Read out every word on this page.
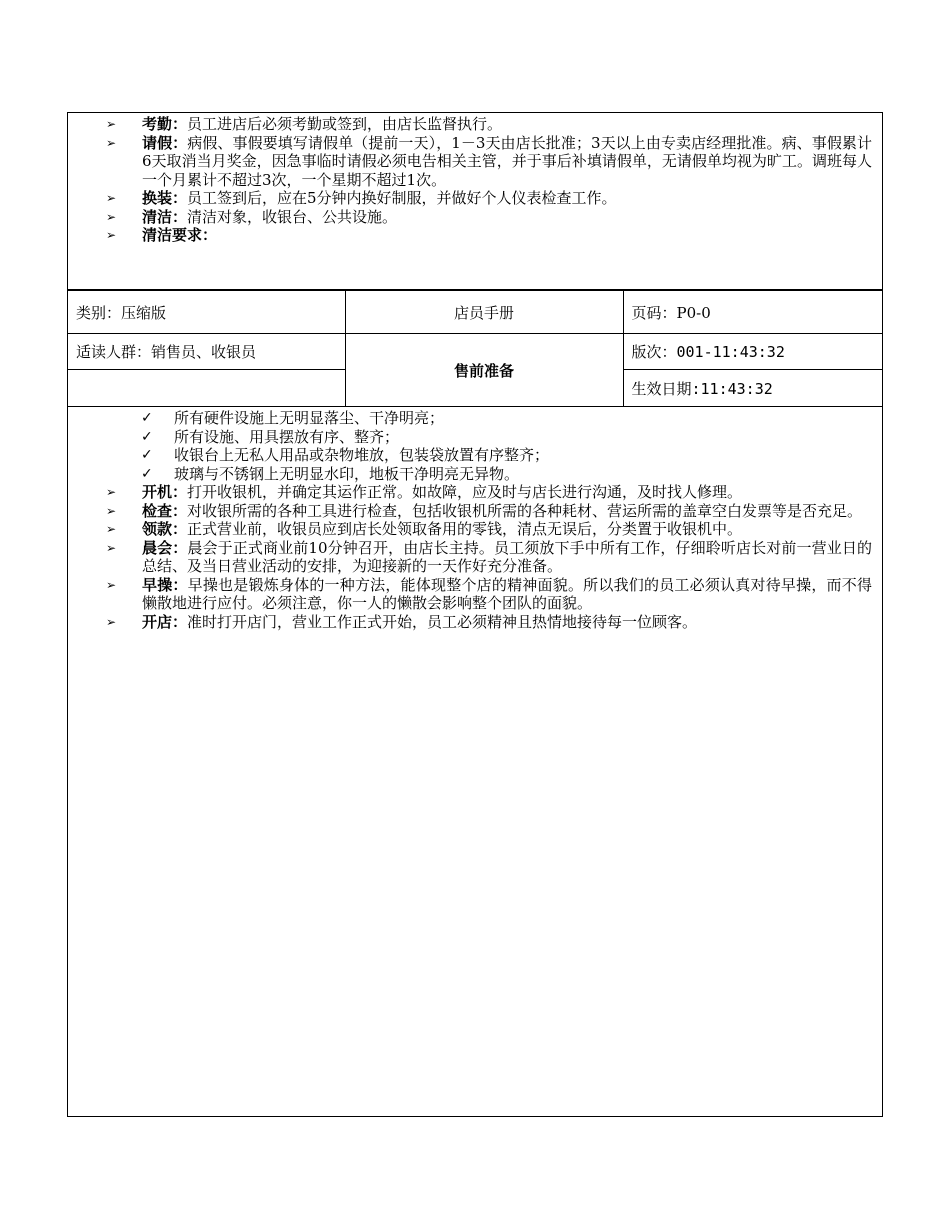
➢	考勤：员工进店后必须考勤或签到，由店长监督执行。
➢	请假：病假、事假要填写请假单（提前一天），1－3天由店长批准；3天以上由专卖店经理批准。病、事假累计6天取消当月奖金，因急事临时请假必须电告相关主管，并于事后补填请假单，无请假单均视为旷工。调班每人一个月累计不超过3次，一个星期不超过1次。
➢	换装：员工签到后，应在5分钟内换好制服，并做好个人仪表检查工作。
➢	清洁：清洁对象，收银台、公共设施。
➢	清洁要求：
类别：压缩版	店员手册	页码：P0-0
适读人群：销售员、收银员	售前准备	版次：001-11:43:32
		生效日期:11:43:32
✓ 所有硬件设施上无明显落尘、干净明亮；
✓ 所有设施、用具摆放有序、整齐；
✓ 收银台上无私人用品或杂物堆放，包装袋放置有序整齐；
✓ 玻璃与不锈钢上无明显水印，地板干净明亮无异物。
➢	开机：打开收银机，并确定其运作正常。如故障，应及时与店长进行沟通，及时找人修理。
➢	检查：对收银所需的各种工具进行检查，包括收银机所需的各种耗材、营运所需的盖章空白发票等是否充足。
➢	领款：正式营业前，收银员应到店长处领取备用的零钱，清点无误后，分类置于收银机中。
➢	晨会：晨会于正式商业前10分钟召开，由店长主持。员工须放下手中所有工作，仔细聆听店长对前一营业日的总结、及当日营业活动的安排，为迎接新的一天作好充分准备。
➢	早操：早操也是锻炼身体的一种方法，能体现整个店的精神面貌。所以我们的员工必须认真对待早操，而不得懒散地进行应付。必须注意，你一人的懒散会影响整个团队的面貌。
➢	开店：准时打开店门，营业工作正式开始，员工必须精神且热情地接待每一位顾客。
